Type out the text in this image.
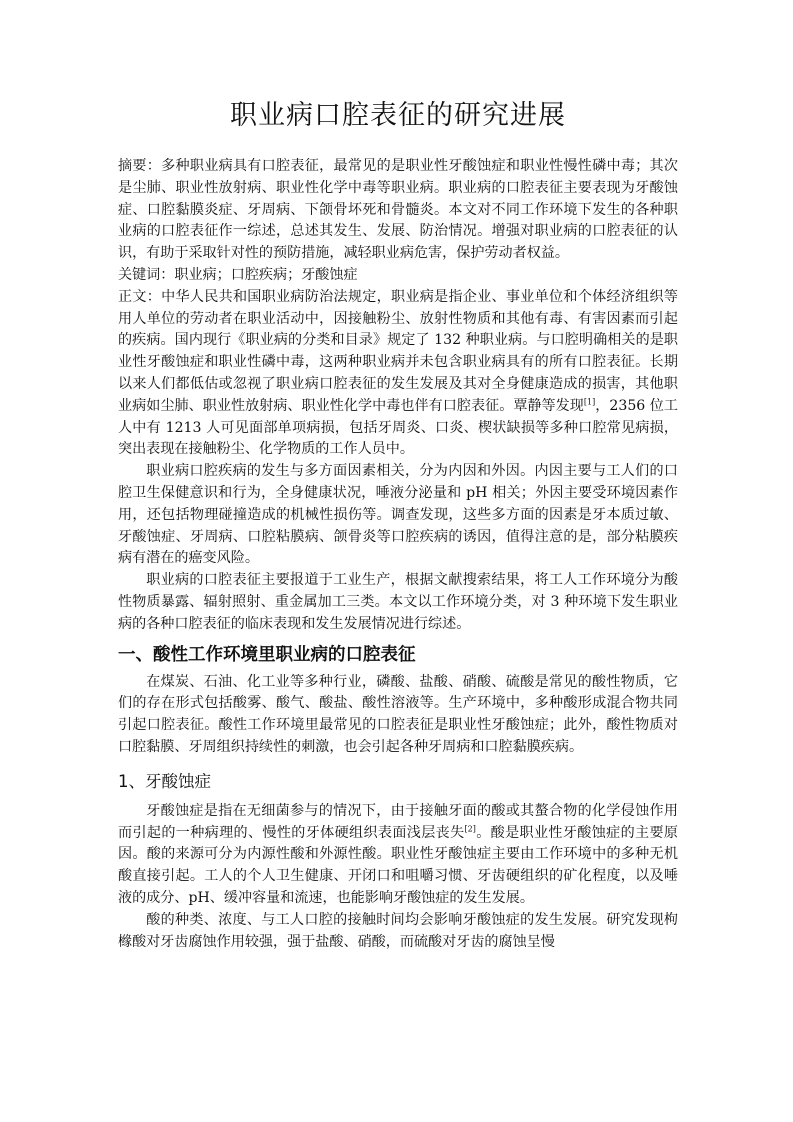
职业病口腔表征的研究进展

摘要：多种职业病具有口腔表征，最常见的是职业性牙酸蚀症和职业性慢性磷中毒；其次是尘肺、职业性放射病、职业性化学中毒等职业病。职业病的口腔表征主要表现为牙酸蚀症、口腔黏膜炎症、牙周病、下颌骨坏死和骨髓炎。本文对不同工作环境下发生的各种职业病的口腔表征作一综述，总述其发生、发展、防治情况。增强对职业病的口腔表征的认识，有助于采取针对性的预防措施，减轻职业病危害，保护劳动者权益。

关键词：职业病；口腔疾病；牙酸蚀症

正文：中华人民共和国职业病防治法规定，职业病是指企业、事业单位和个体经济组织等用人单位的劳动者在职业活动中，因接触粉尘、放射性物质和其他有毒、有害因素而引起的疾病。国内现行《职业病的分类和目录》规定了 132 种职业病。与口腔明确相关的是职业性牙酸蚀症和职业性磷中毒，这两种职业病并未包含职业病具有的所有口腔表征。长期以来人们都低估或忽视了职业病口腔表征的发生发展及其对全身健康造成的损害，其他职业病如尘肺、职业性放射病、职业性化学中毒也伴有口腔表征。覃静等发现[1]，2356 位工人中有 1213 人可见面部单项病损，包括牙周炎、口炎、楔状缺损等多种口腔常见病损，突出表现在接触粉尘、化学物质的工作人员中。

职业病口腔疾病的发生与多方面因素相关，分为内因和外因。内因主要与工人们的口腔卫生保健意识和行为，全身健康状况，唾液分泌量和 pH 相关；外因主要受环境因素作用，还包括物理碰撞造成的机械性损伤等。调查发现，这些多方面的因素是牙本质过敏、牙酸蚀症、牙周病、口腔粘膜病、颌骨炎等口腔疾病的诱因，值得注意的是，部分粘膜疾病有潜在的癌变风险。

职业病的口腔表征主要报道于工业生产，根据文献搜索结果，将工人工作环境分为酸性物质暴露、辐射照射、重金属加工三类。本文以工作环境分类，对 3 种环境下发生职业病的各种口腔表征的临床表现和发生发展情况进行综述。

一、酸性工作环境里职业病的口腔表征

在煤炭、石油、化工业等多种行业，磷酸、盐酸、硝酸、硫酸是常见的酸性物质，它们的存在形式包括酸雾、酸气、酸盐、酸性溶液等。生产环境中，多种酸形成混合物共同引起口腔表征。酸性工作环境里最常见的口腔表征是职业性牙酸蚀症；此外，酸性物质对口腔黏膜、牙周组织持续性的刺激，也会引起各种牙周病和口腔黏膜疾病。

1、牙酸蚀症

牙酸蚀症是指在无细菌参与的情况下，由于接触牙面的酸或其螯合物的化学侵蚀作用而引起的一种病理的、慢性的牙体硬组织表面浅层丧失[2]。酸是职业性牙酸蚀症的主要原因。酸的来源可分为内源性酸和外源性酸。职业性牙酸蚀症主要由工作环境中的多种无机酸直接引起。工人的个人卫生健康、开闭口和咀嚼习惯、牙齿硬组织的矿化程度，以及唾液的成分、pH、缓冲容量和流速，也能影响牙酸蚀症的发生发展。

酸的种类、浓度、与工人口腔的接触时间均会影响牙酸蚀症的发生发展。研究发现枸橼酸对牙齿腐蚀作用较强，强于盐酸、硝酸，而硫酸对牙齿的腐蚀呈慢
